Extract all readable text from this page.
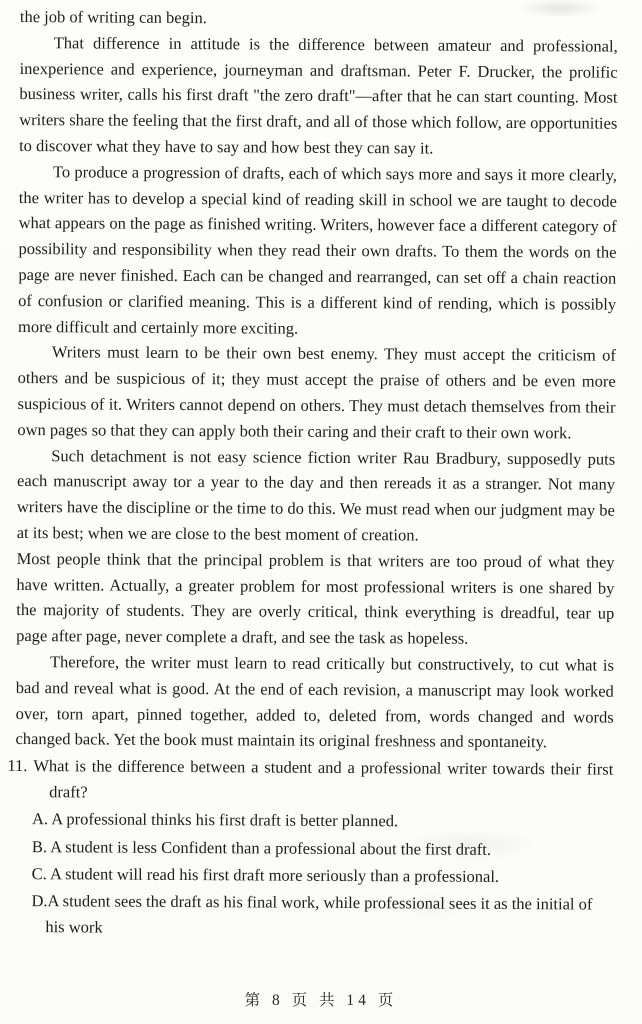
the job of writing can begin.

That difference in attitude is the difference between amateur and professional, inexperience and experience, journeyman and draftsman. Peter F. Drucker, the prolific business writer, calls his first draft "the zero draft"—after that he can start counting. Most writers share the feeling that the first draft, and all of those which follow, are opportunities to discover what they have to say and how best they can say it.

To produce a progression of drafts, each of which says more and says it more clearly, the writer has to develop a special kind of reading skill in school we are taught to decode what appears on the page as finished writing. Writers, however face a different category of possibility and responsibility when they read their own drafts. To them the words on the page are never finished. Each can be changed and rearranged, can set off a chain reaction of confusion or clarified meaning. This is a different kind of rending, which is possibly more difficult and certainly more exciting.

Writers must learn to be their own best enemy. They must accept the criticism of others and be suspicious of it; they must accept the praise of others and be even more suspicious of it. Writers cannot depend on others. They must detach themselves from their own pages so that they can apply both their caring and their craft to their own work.

Such detachment is not easy science fiction writer Rau Bradbury, supposedly puts each manuscript away tor a year to the day and then rereads it as a stranger. Not many writers have the discipline or the time to do this. We must read when our judgment may be at its best; when we are close to the best moment of creation.

Most people think that the principal problem is that writers are too proud of what they have written. Actually, a greater problem for most professional writers is one shared by the majority of students. They are overly critical, think everything is dreadful, tear up page after page, never complete a draft, and see the task as hopeless.

Therefore, the writer must learn to read critically but constructively, to cut what is bad and reveal what is good. At the end of each revision, a manuscript may look worked over, torn apart, pinned together, added to, deleted from, words changed and words changed back. Yet the book must maintain its original freshness and spontaneity.

11. What is the difference between a student and a professional writer towards their first draft?
A. A professional thinks his first draft is better planned.
B. A student is less Confident than a professional about the first draft.
C. A student will read his first draft more seriously than a professional.
D.A student sees the draft as his final work, while professional sees it as the initial of his work
第 8 页 共 14 页
